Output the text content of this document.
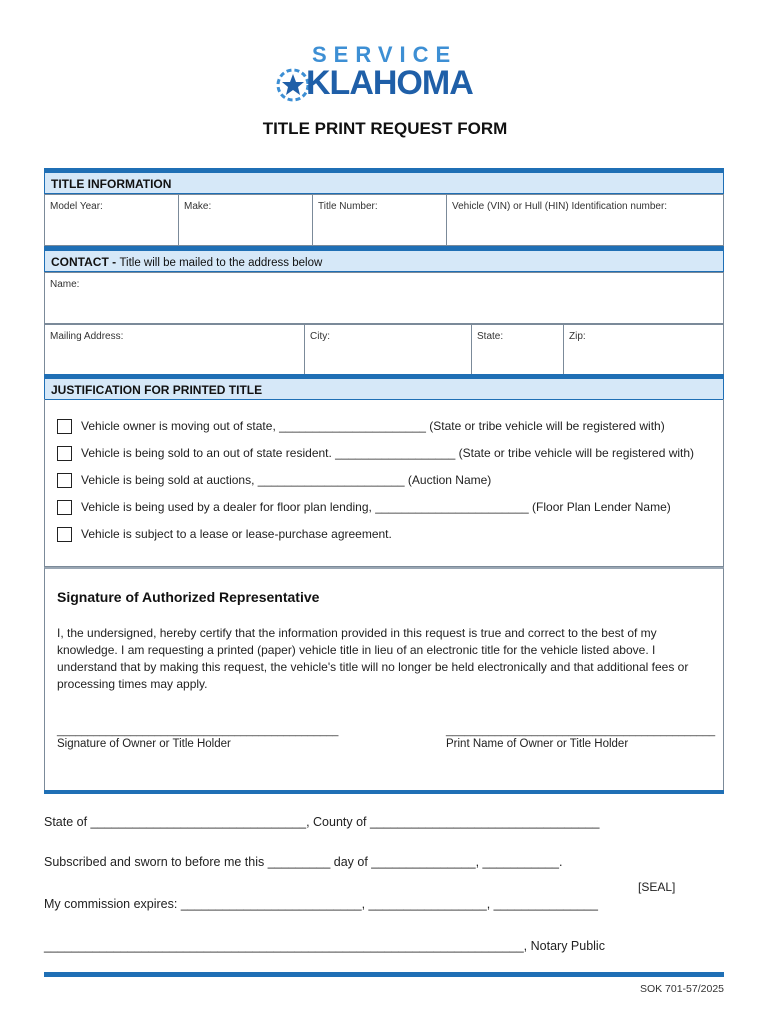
SERVICE
KLAHOMA
TITLE PRINT REQUEST FORM
TITLE INFORMATION
Model Year:	Make:	Title Number:	Vehicle (VIN) or Hull (HIN) Identification number:
CONTACT - Title will be mailed to the address below
Name:
Mailing Address:	City:	State:	Zip:
JUSTIFICATION FOR PRINTED TITLE
Vehicle owner is moving out of state, ______________________ (State or tribe vehicle will be registered with)
Vehicle is being sold to an out of state resident. __________________ (State or tribe vehicle will be registered with)
Vehicle is being sold at auctions, ______________________ (Auction Name)
Vehicle is being used by a dealer for floor plan lending, _______________________ (Floor Plan Lender Name)
Vehicle is subject to a lease or lease-purchase agreement.
Signature of Authorized Representative
I, the undersigned, hereby certify that the information provided in this request is true and correct to the best of my knowledge. I am requesting a printed (paper) vehicle title in lieu of an electronic title for the vehicle listed above. I understand that by making this request, the vehicle's title will no longer be held electronically and that additional fees or processing times may apply.
______________________________________________
Signature of Owner or Title Holder
____________________________________________
Print Name of Owner or Title Holder
State of _______________________________, County of _________________________________
Subscribed and sworn to before me this _________ day of _______________, ___________.
[SEAL]
My commission expires: __________________________, _________________, _______________
_____________________________________________________________________, Notary Public
SOK 701-57/2025
